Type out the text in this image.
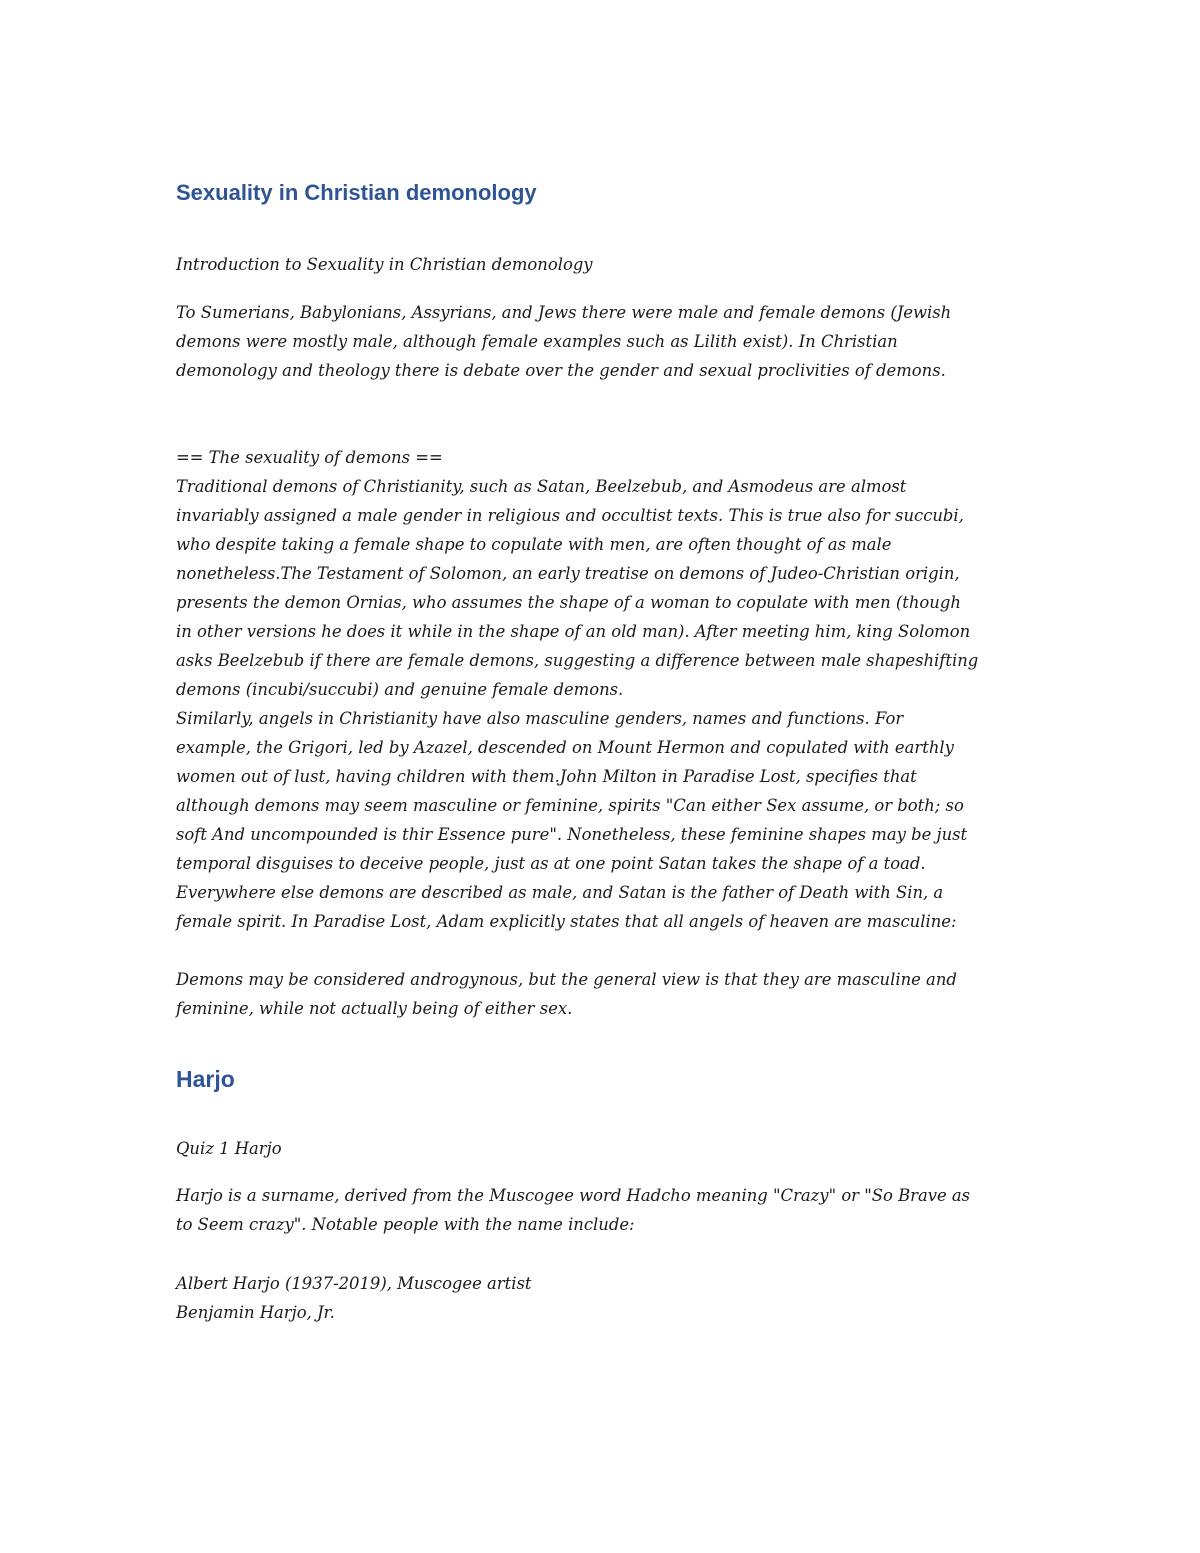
Sexuality in Christian demonology
Introduction to Sexuality in Christian demonology
To Sumerians, Babylonians, Assyrians, and Jews there were male and female demons (Jewish
demons were mostly male, although female examples such as Lilith exist). In Christian
demonology and theology there is debate over the gender and sexual proclivities of demons.
== The sexuality of demons ==
Traditional demons of Christianity, such as Satan, Beelzebub, and Asmodeus are almost
invariably assigned a male gender in religious and occultist texts. This is true also for succubi,
who despite taking a female shape to copulate with men, are often thought of as male
nonetheless.The Testament of Solomon, an early treatise on demons of Judeo-Christian origin,
presents the demon Ornias, who assumes the shape of a woman to copulate with men (though
in other versions he does it while in the shape of an old man). After meeting him, king Solomon
asks Beelzebub if there are female demons, suggesting a difference between male shapeshifting
demons (incubi/succubi) and genuine female demons.
Similarly, angels in Christianity have also masculine genders, names and functions. For
example, the Grigori, led by Azazel, descended on Mount Hermon and copulated with earthly
women out of lust, having children with them.John Milton in Paradise Lost, specifies that
although demons may seem masculine or feminine, spirits "Can either Sex assume, or both; so
soft And uncompounded is thir Essence pure". Nonetheless, these feminine shapes may be just
temporal disguises to deceive people, just as at one point Satan takes the shape of a toad.
Everywhere else demons are described as male, and Satan is the father of Death with Sin, a
female spirit. In Paradise Lost, Adam explicitly states that all angels of heaven are masculine:
Demons may be considered androgynous, but the general view is that they are masculine and
feminine, while not actually being of either sex.
Harjo
Quiz 1 Harjo
Harjo is a surname, derived from the Muscogee word Hadcho meaning "Crazy" or "So Brave as
to Seem crazy". Notable people with the name include:
Albert Harjo (1937-2019), Muscogee artist
Benjamin Harjo, Jr.
